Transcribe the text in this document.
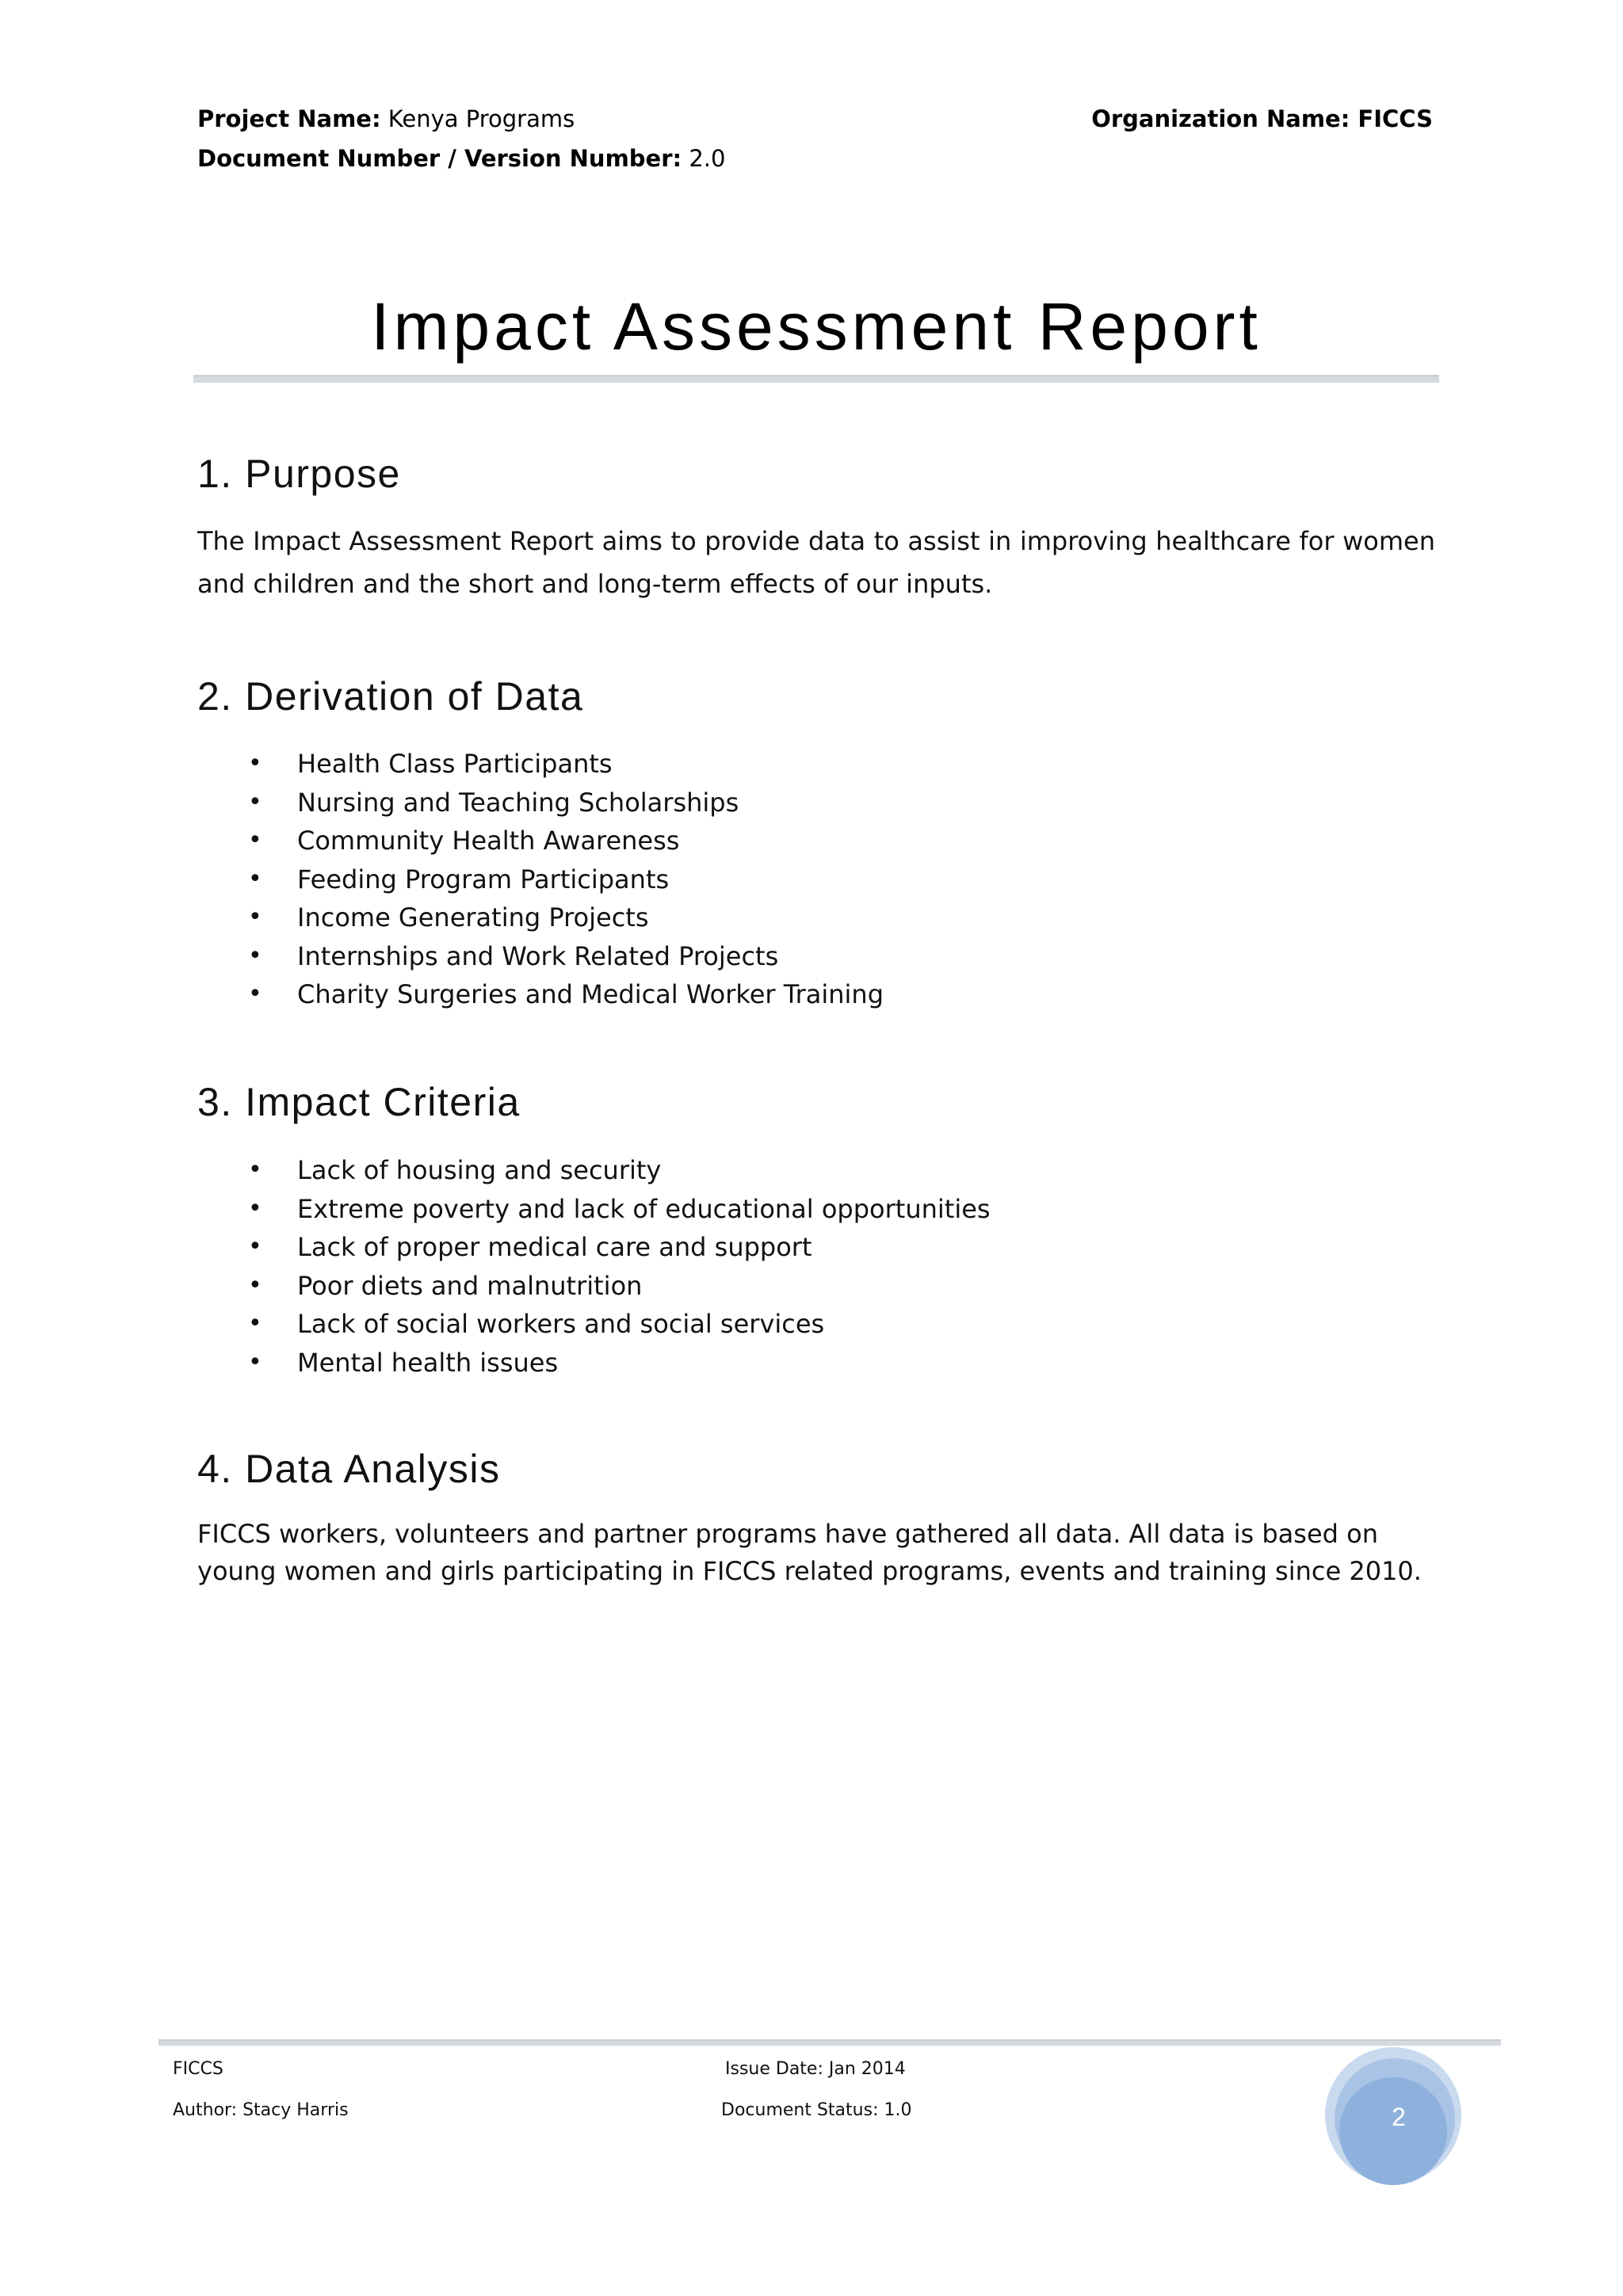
Project Name: Kenya Programs
Document Number / Version Number: 2.0
Organization Name: FICCS
Impact Assessment Report
1. Purpose

The Impact Assessment Report aims to provide data to assist in improving healthcare for women and children and the short and long-term effects of our inputs.

2. Derivation of Data
• Health Class Participants
• Nursing and Teaching Scholarships
• Community Health Awareness
• Feeding Program Participants
• Income Generating Projects
• Internships and Work Related Projects
• Charity Surgeries and Medical Worker Training
3. Impact Criteria
• Lack of housing and security
• Extreme poverty and lack of educational opportunities
• Lack of proper medical care and support
• Poor diets and malnutrition
• Lack of social workers and social services
• Mental health issues
4. Data Analysis

FICCS workers, volunteers and partner programs have gathered all data. All data is based on young women and girls participating in FICCS related programs, events and training since 2010.

FICCS
Author: Stacy Harris
Issue Date: Jan 2014
Document Status: 1.0	2
